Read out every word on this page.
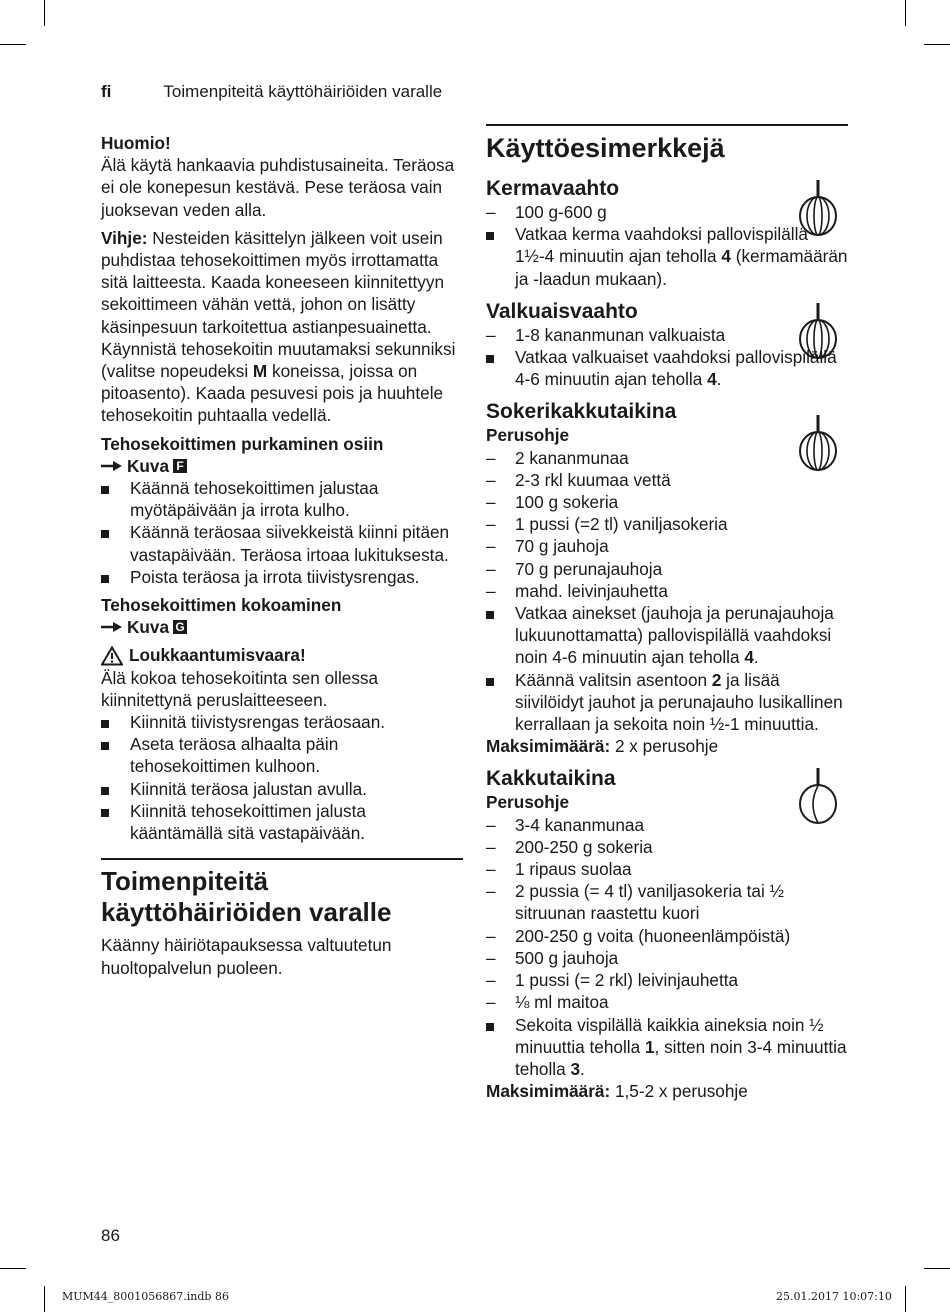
fi	Toimenpiteitä käyttöhäiriöiden varalle

Huomio!

Älä käytä hankaavia puhdistusaineita. Teräosa ei ole konepesun kestävä. Pese teräosa vain juoksevan veden alla.

Vihje: Nesteiden käsittelyn jälkeen voit usein puhdistaa tehosekoittimen myös irrottamatta sitä laitteesta. Kaada koneeseen kiinnitettyyn sekoittimeen vähän vettä, johon on lisätty käsinpesuun tarkoitettua astianpesuainetta. Käynnistä tehosekoitin muutamaksi sekunniksi (valitse nopeudeksi M koneissa, joissa on pitoasento). Kaada pesuvesi pois ja huuhtele tehosekoitin puhtaalla vedellä.

Tehosekoittimen purkaminen osiin

Kuva F
Käännä tehosekoittimen jalustaa myötäpäivään ja irrota kulho.
Käännä teräosaa siivekkeistä kiinni pitäen vastapäivään. Teräosa irtoaa lukituksesta.
Poista teräosa ja irrota tiivistysrengas.

Tehosekoittimen kokoaminen

Kuva G
Loukkaantumisvaara!

Älä kokoa tehosekoitinta sen ollessa kiinnitettynä peruslaitteeseen.

Kiinnitä tiivistysrengas teräosaan.
Aseta teräosa alhaalta päin tehosekoittimen kulhoon.
Kiinnitä teräosa jalustan avulla.
Kiinnitä tehosekoittimen jalusta kääntämällä sitä vastapäivään.
Toimenpiteitä käyttöhäiriöiden varalle

Käänny häiriötapauksessa valtuutetun huoltopalvelun puoleen.

Käyttöesimerkkejä
Kermavaahto
– 100 g-600 g
Vatkaa kerma vaahdoksi pallovispilällä 1½-4 minuutin ajan teholla 4 (kermamäärän ja -laadun mukaan).
Valkuaisvaahto
– 1-8 kananmunan valkuaista
Vatkaa valkuaiset vaahdoksi pallovispilällä 4-6 minuutin ajan teholla 4.
Sokerikakkutaikina

Perusohje

– 2 kananmunaa
– 2-3 rkl kuumaa vettä
– 100 g sokeria
– 1 pussi (=2 tl) vaniljasokeria
– 70 g jauhoja
– 70 g perunajauhoja
– mahd. leivinjauhetta
Vatkaa ainekset (jauhoja ja perunajauhoja lukuunottamatta) pallovispilällä vaahdoksi noin 4-6 minuutin ajan teholla 4.
Käännä valitsin asentoon 2 ja lisää siivilöidyt jauhot ja perunajauho lusikallinen kerrallaan ja sekoita noin ½-1 minuuttia.

Maksimimäärä: 2 x perusohje

Kakkutaikina

Perusohje

– 3-4 kananmunaa
– 200-250 g sokeria
– 1 ripaus suolaa
– 2 pussia (= 4 tl) vaniljasokeria tai ½ sitruunan raastettu kuori
– 200-250 g voita (huoneenlämpöistä)
– 500 g jauhoja
– 1 pussi (= 2 rkl) leivinjauhetta
– ⅛ ml maitoa
Sekoita vispilällä kaikkia aineksia noin ½ minuuttia teholla 1, sitten noin 3-4 minuuttia teholla 3.

Maksimimäärä: 1,5-2 x perusohje

86
MUM44_8001056867.indb 86	25.01.2017 10:07:10
